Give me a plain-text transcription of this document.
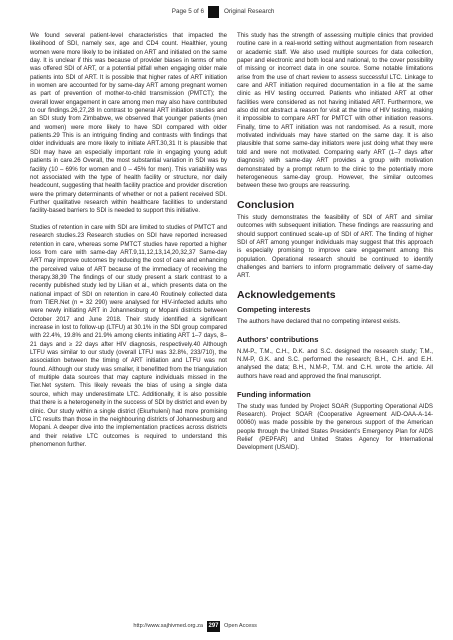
Page 5 of 6	Original Research

We found several patient-level characteristics that impacted the likelihood of SDI, namely sex, age and CD4 count. Healthier, young women were more likely to be initiated on ART and initiated on the same day. It is unclear if this was because of provider biases in terms of who was offered SDI of ART, or a potential pitfall when engaging older male patients into SDI of ART. It is possible that higher rates of ART initiation in women are accounted for by same-day ART among pregnant women as part of prevention of mother-to-child transmission (PMTCT); the overall lower engagement in care among men may also have contributed to our findings.26,27,28 In contrast to general ART initiation studies and an SDI study from Zimbabwe, we observed that younger patients (men and women) were more likely to have SDI compared with older patients.29 This is an intriguing finding and contrasts with findings that older individuals are more likely to initiate ART.30,31 It is plausible that SDI may have an especially important role in engaging young adult patients in care.26 Overall, the most substantial variation in SDI was by facility (10 – 69% for women and 0 – 45% for men). This variability was not associated with the type of health facility or structure, nor daily headcount, suggesting that health facility practice and provider discretion were the primary determinants of whether or not a patient received SDI. Further qualitative research within healthcare facilities to understand facility-based barriers to SDI is needed to support this initiative.

Studies of retention in care with SDI are limited to studies of PMTCT and research studies.23 Research studies on SDI have reported increased retention in care, whereas some PMTCT studies have reported a higher loss from care with same-day ART.9,11,12,13,14,20,32,37 Same-day ART may improve outcomes by reducing the cost of care and enhancing the perceived value of ART because of the immediacy of receiving the therapy.38,39 The findings of our study present a stark contrast to a recently published study led by Lilian et al., which presents data on the national impact of SDI on retention in care.40 Routinely collected data from TIER.Net (n = 32 290) were analysed for HIV-infected adults who were newly initiating ART in Johannesburg or Mopani districts between October 2017 and June 2018. Their study identified a significant increase in lost to follow-up (LTFU) at 30.1% in the SDI group compared with 22.4%, 19.8% and 21.9% among clients initiating ART 1–7 days, 8–21 days and ≥ 22 days after HIV diagnosis, respectively.40 Although LTFU was similar to our study (overall LTFU was 32.8%, 233/710), the association between the timing of ART initiation and LTFU was not found. Although our study was smaller, it benefitted from the triangulation of multiple data sources that may capture individuals missed in the Tier.Net system. This likely reveals the bias of using a single data source, which may underestimate LTC. Additionally, it is also possible that there is a heterogeneity in the success of SDI by district and even by clinic. Our study within a single district (Ekurhuleni) had more promising LTC results than those in the neighbouring districts of Johannesburg and Mopani. A deeper dive into the implementation practices across districts and their relative LTC outcomes is required to understand this phenomenon further.

This study has the strength of assessing multiple clinics that provided routine care in a real-world setting without augmentation from research or academic staff. We also used multiple sources for data collection, paper and electronic and both local and national, to the cover possibility of missing or incorrect data in one source. Some notable limitations arise from the use of chart review to assess successful LTC. Linkage to care and ART initiation required documentation in a file at the same clinic as HIV testing occurred. Patients who initiated ART at other facilities were considered as not having initiated ART. Furthermore, we also did not abstract a reason for visit at the time of HIV testing, making it impossible to compare ART for PMTCT with other initiation reasons. Finally, time to ART initiation was not randomised. As a result, more motivated individuals may have started on the same day. It is also plausible that some same-day initiators were just doing what they were told and were not motivated. Comparing early ART (1–7 days after diagnosis) with same-day ART provides a group with motivation demonstrated by a prompt return to the clinic to the potentially more heterogeneous same-day group. However, the similar outcomes between these two groups are reassuring.

Conclusion

This study demonstrates the feasibility of SDI of ART and similar outcomes with subsequent initiation. These findings are reassuring and should support continued scale-up of SDI of ART. The finding of higher SDI of ART among younger individuals may suggest that this approach is especially promising to improve care engagement among this population. Operational research should be continued to identify challenges and barriers to inform programmatic delivery of same-day ART.

Acknowledgements
Competing interests

The authors have declared that no competing interest exists.

Authors’ contributions

N.M-P., T.M., C.H., D.K. and S.C. designed the research study; T.M., N.M-P, G.K. and S.C. performed the research; B.H., C.H. and E.H. analysed the data; B.H., N.M-P., T.M. and C.H. wrote the article. All authors have read and approved the final manuscript.

Funding information

The study was funded by Project SOAR (Supporting Operational AIDS Research). Project SOAR (Cooperative Agreement AID-OAA-A-14-00060) was made possible by the generous support of the American people through the United States President’s Emergency Plan for AIDS Relief (PEPFAR) and United States Agency for International Development (USAID).

http://www.sajhivmed.org.za 297 Open Access
